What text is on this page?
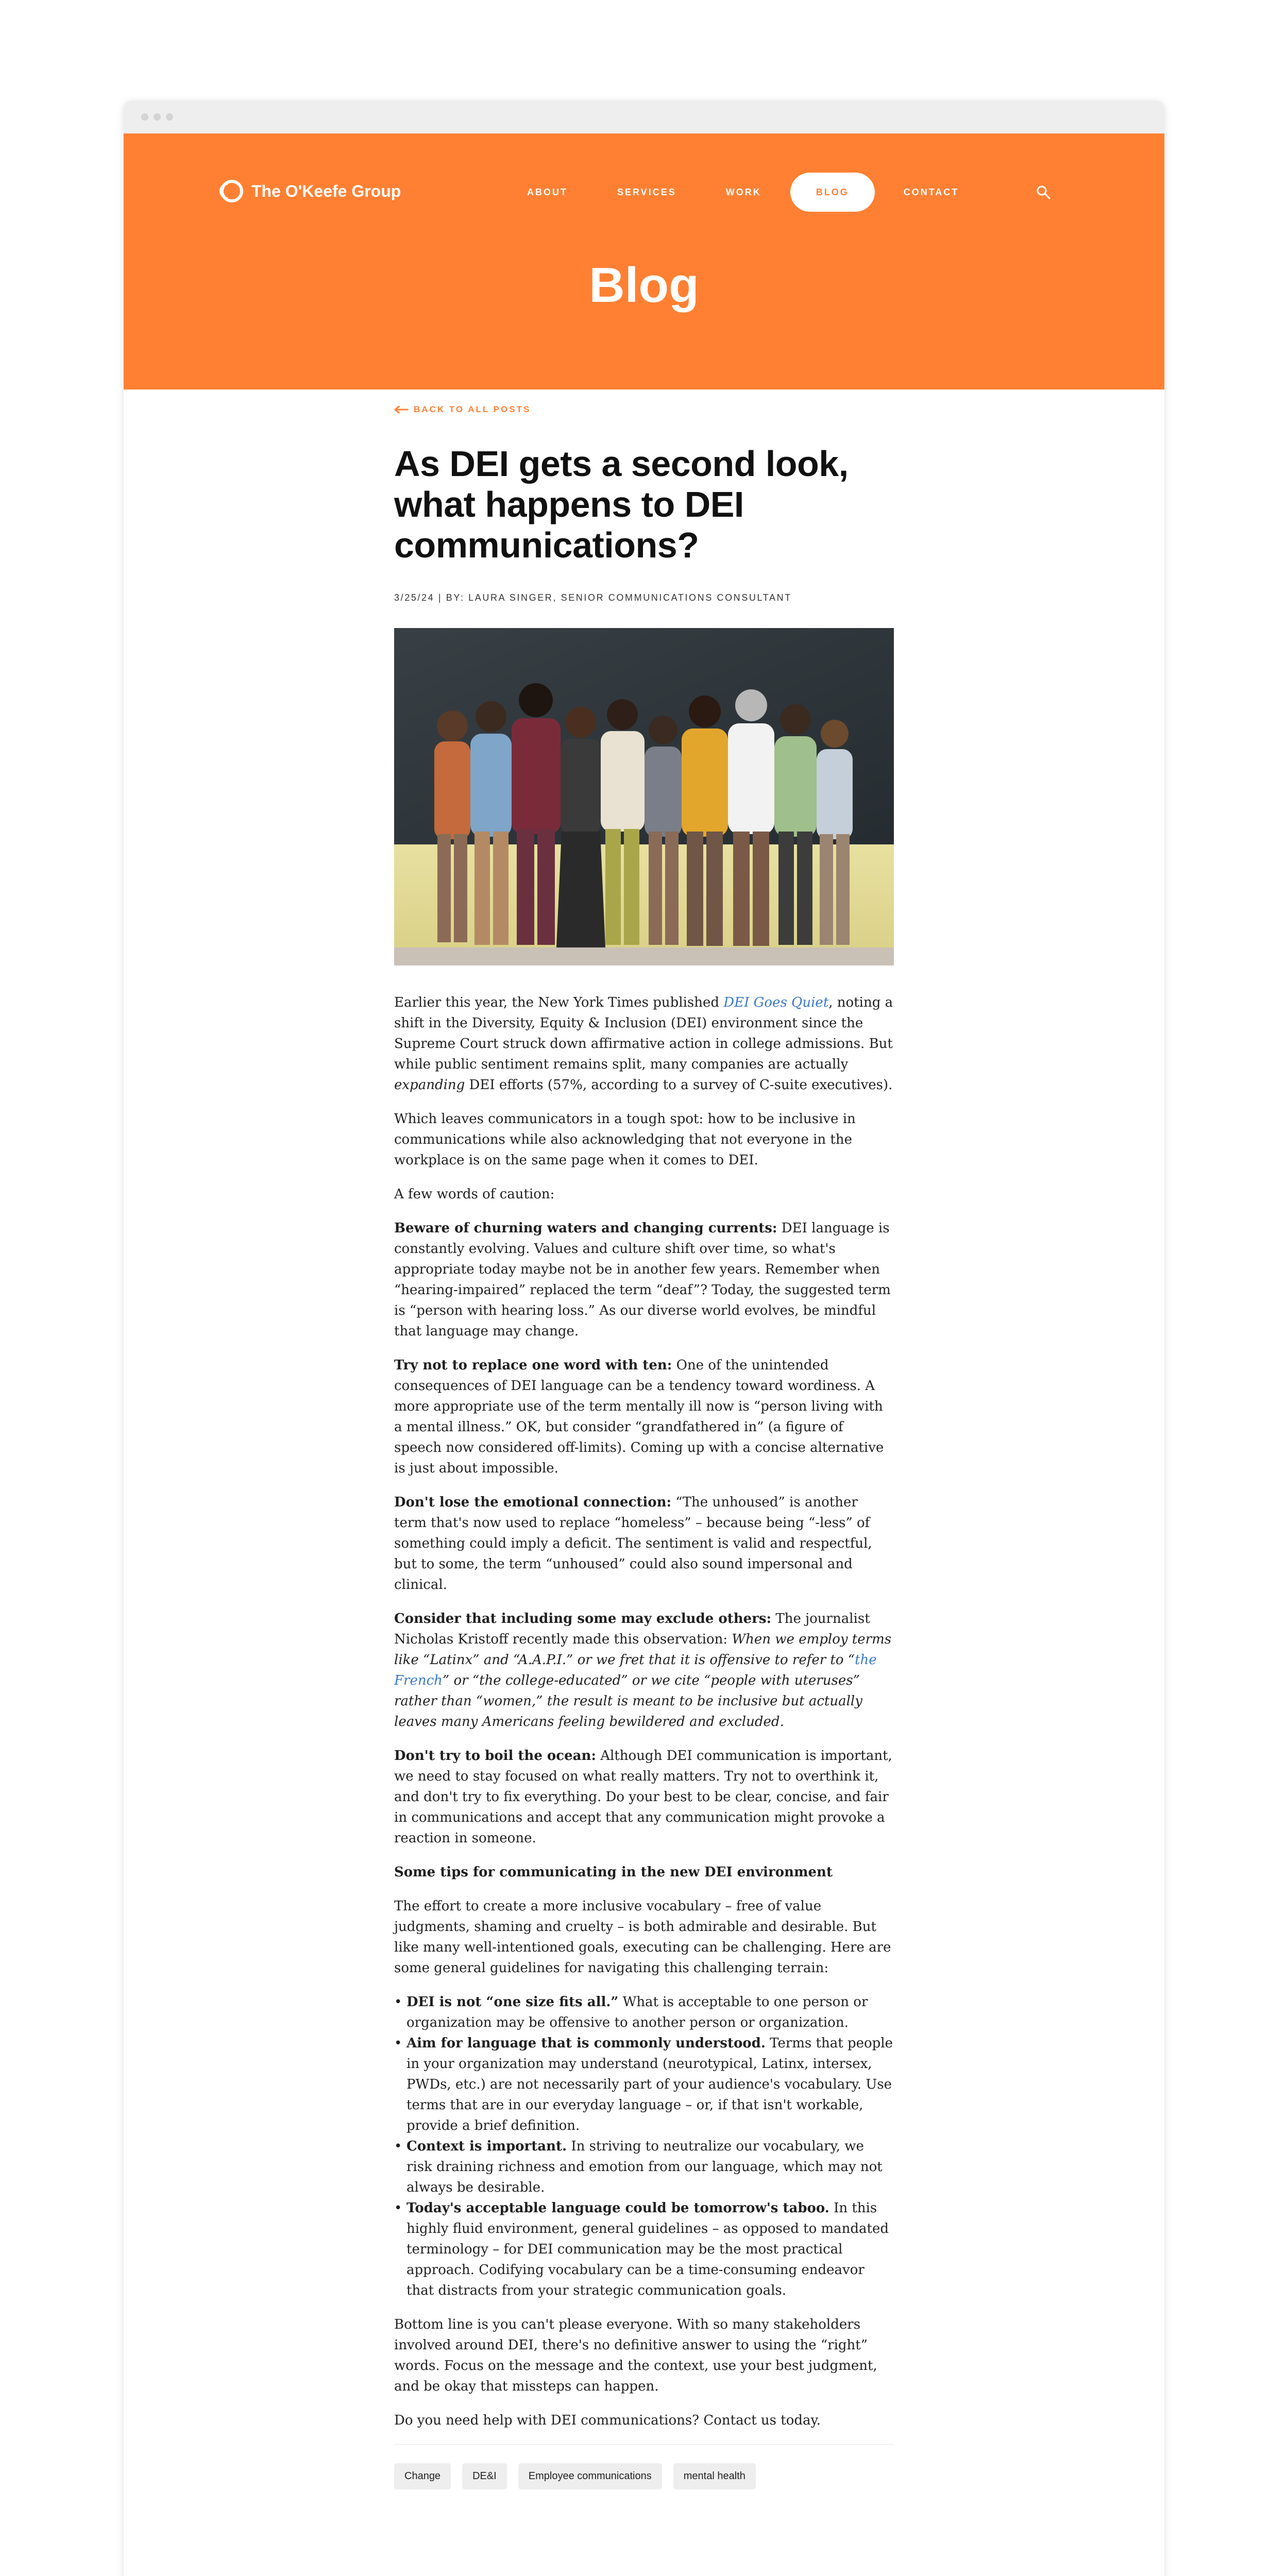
The O'Keefe Group	ABOUT	SERVICES	WORK	BLOG	CONTACT
Blog
BACK TO ALL POSTS
As DEI gets a second look, what happens to DEI communications?
3/25/24 | BY: LAURA SINGER, SENIOR COMMUNICATIONS CONSULTANT

Earlier this year, the New York Times published DEI Goes Quiet, noting a shift in the Diversity, Equity & Inclusion (DEI) environment since the Supreme Court struck down affirmative action in college admissions. But while public sentiment remains split, many companies are actually expanding DEI efforts (57%, according to a survey of C-suite executives).

Which leaves communicators in a tough spot: how to be inclusive in communications while also acknowledging that not everyone in the workplace is on the same page when it comes to DEI.

A few words of caution:

Beware of churning waters and changing currents: DEI language is constantly evolving. Values and culture shift over time, so what's appropriate today maybe not be in another few years. Remember when “hearing-impaired” replaced the term “deaf”? Today, the suggested term is “person with hearing loss.” As our diverse world evolves, be mindful that language may change.

Try not to replace one word with ten: One of the unintended consequences of DEI language can be a tendency toward wordiness. A more appropriate use of the term mentally ill now is “person living with a mental illness.” OK, but consider “grandfathered in” (a figure of speech now considered off-limits). Coming up with a concise alternative is just about impossible.

Don't lose the emotional connection: “The unhoused” is another term that's now used to replace “homeless” – because being “-less” of something could imply a deficit. The sentiment is valid and respectful, but to some, the term “unhoused” could also sound impersonal and clinical.

Consider that including some may exclude others: The journalist Nicholas Kristoff recently made this observation: When we employ terms like “Latinx” and “A.A.P.I.” or we fret that it is offensive to refer to “the French” or “the college-educated” or we cite “people with uteruses” rather than “women,” the result is meant to be inclusive but actually leaves many Americans feeling bewildered and excluded.

Don't try to boil the ocean: Although DEI communication is important, we need to stay focused on what really matters. Try not to overthink it, and don't try to fix everything. Do your best to be clear, concise, and fair in communications and accept that any communication might provoke a reaction in someone.

Some tips for communicating in the new DEI environment

The effort to create a more inclusive vocabulary – free of value judgments, shaming and cruelty – is both admirable and desirable. But like many well-intentioned goals, executing can be challenging. Here are some general guidelines for navigating this challenging terrain:

• DEI is not “one size fits all.” What is acceptable to one person or organization may be offensive to another person or organization.
• Aim for language that is commonly understood. Terms that people in your organization may understand (neurotypical, Latinx, intersex, PWDs, etc.) are not necessarily part of your audience's vocabulary. Use terms that are in our everyday language – or, if that isn't workable, provide a brief definition.
• Context is important. In striving to neutralize our vocabulary, we risk draining richness and emotion from our language, which may not always be desirable.
• Today's acceptable language could be tomorrow's taboo. In this highly fluid environment, general guidelines – as opposed to mandated terminology – for DEI communication may be the most practical approach. Codifying vocabulary can be a time-consuming endeavor that distracts from your strategic communication goals.

Bottom line is you can't please everyone. With so many stakeholders involved around DEI, there's no definitive answer to using the “right” words. Focus on the message and the context, use your best judgment, and be okay that missteps can happen.

Do you need help with DEI communications? Contact us today.

Change	DE&I	Employee communications	mental health
